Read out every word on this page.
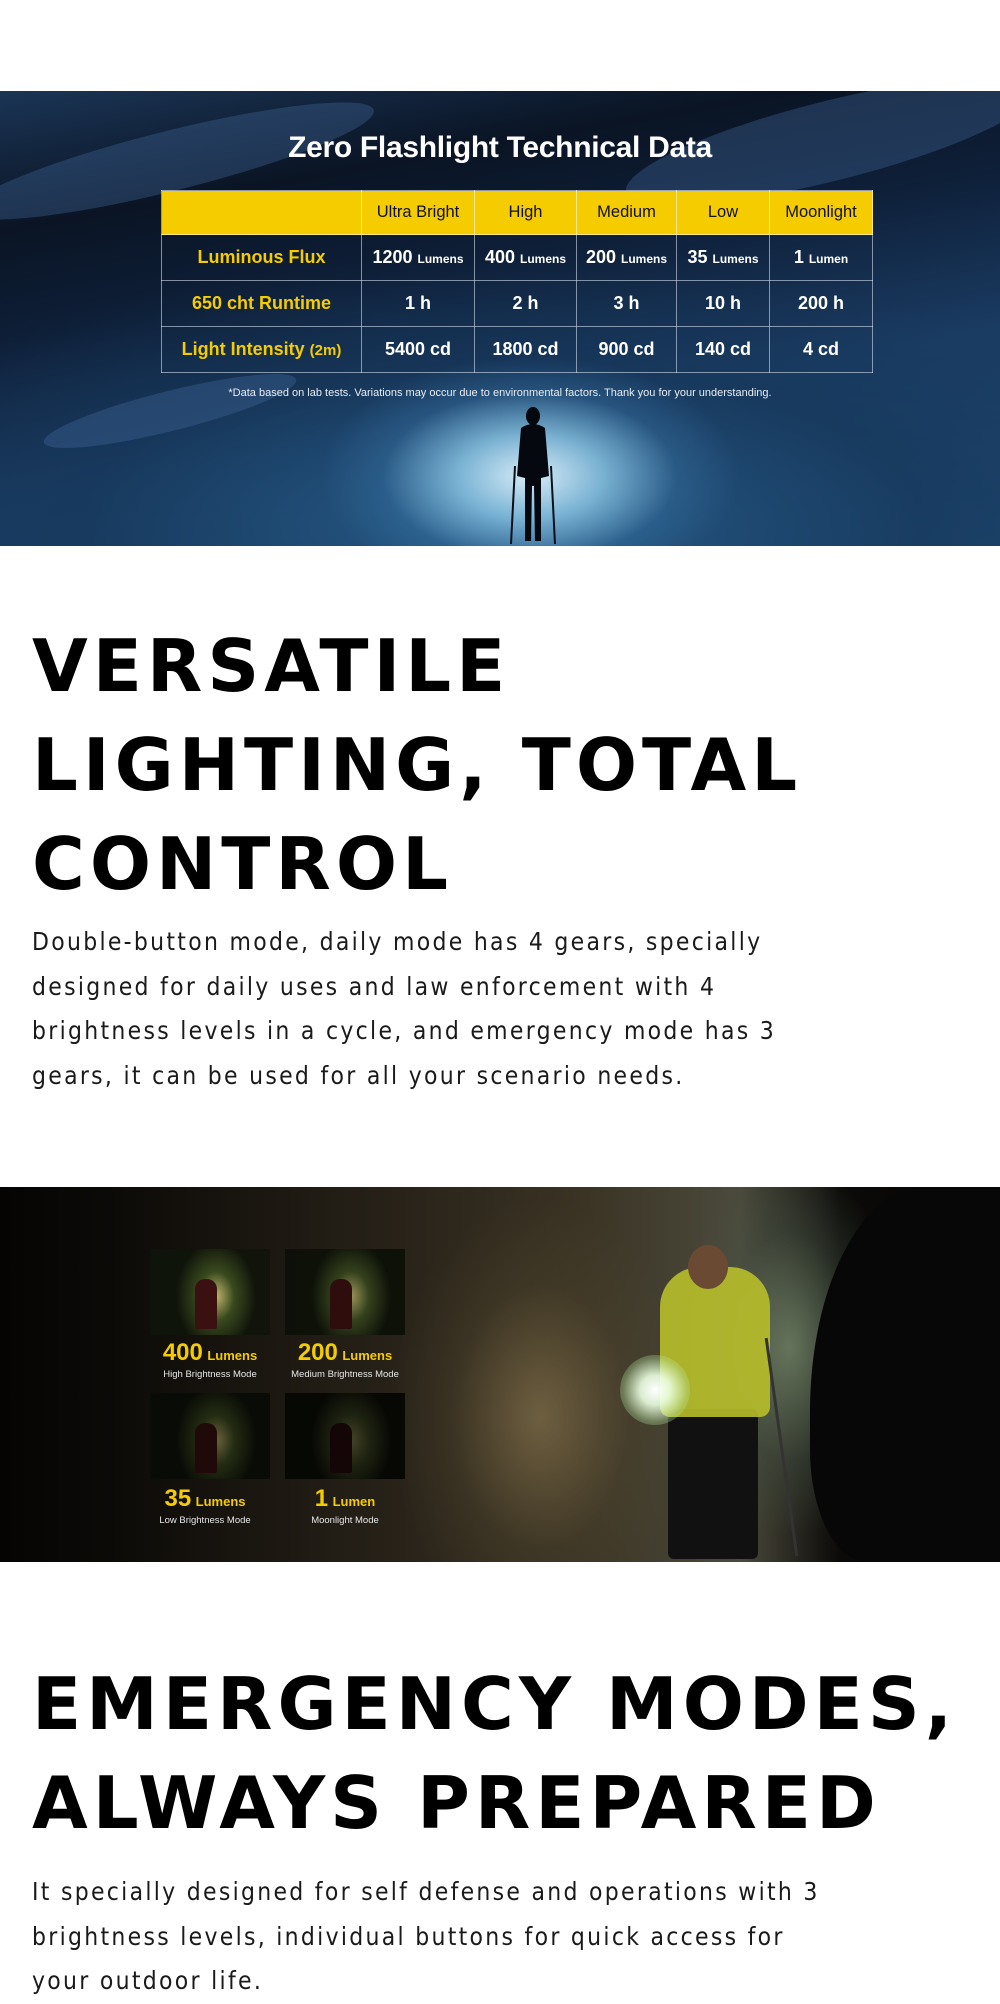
Zero Flashlight Technical Data
	Ultra Bright	High	Medium	Low	Moonlight
Luminous Flux	1200 Lumens	400 Lumens	200 Lumens	35 Lumens	1 Lumen
650 cht Runtime	1 h	2 h	3 h	10 h	200 h
Light Intensity (2m)	5400 cd	1800 cd	900 cd	140 cd	4 cd

*Data based on lab tests. Variations may occur due to environmental factors. Thank you for your understanding.

VERSATILE
LIGHTING, TOTAL
CONTROL

Double-button mode, daily mode has 4 gears, specially
designed for daily uses and law enforcement with 4
brightness levels in a cycle, and emergency mode has 3
gears, it can be used for all your scenario needs.

400 Lumens
High Brightness Mode
200 Lumens
Medium Brightness Mode
35 Lumens
Low Brightness Mode
1 Lumen
Moonlight Mode
EMERGENCY MODES,
ALWAYS PREPARED

It specially designed for self defense and operations with 3
brightness levels, individual buttons for quick access for
your outdoor life.
